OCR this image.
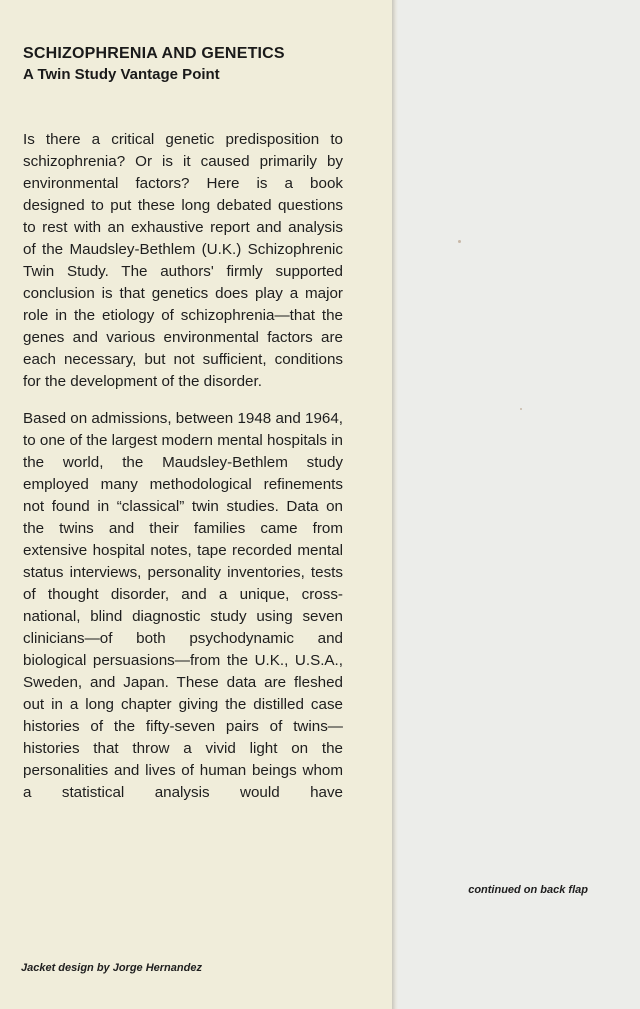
SCHIZOPHRENIA AND GENETICS
A Twin Study Vantage Point

Is there a critical genetic predisposition to schizophrenia? Or is it caused primarily by environmental factors? Here is a book designed to put these long debated questions to rest with an exhaustive report and analysis of the Maudsley-Bethlem (U.K.) Schizophrenic Twin Study. The authors' firmly supported conclusion is that genetics does play a major role in the etiology of schizophrenia—that the genes and various environmental factors are each necessary, but not sufficient, conditions for the development of the disorder.

Based on admissions, between 1948 and 1964, to one of the largest modern mental hospitals in the world, the Maudsley-Bethlem study employed many methodological refinements not found in “classical” twin studies. Data on the twins and their families came from extensive hospital notes, tape recorded mental status interviews, personality inventories, tests of thought disorder, and a unique, cross-national, blind diagnostic study using seven clinicians—of both psychodynamic and biological persuasions—from the U.K., U.S.A., Sweden, and Japan. These data are fleshed out in a long chapter giving the distilled case histories of the fifty-seven pairs of twins—histories that throw a vivid light on the personalities and lives of human beings whom a statistical analysis would have

continued on back flap
Jacket design by Jorge Hernandez
